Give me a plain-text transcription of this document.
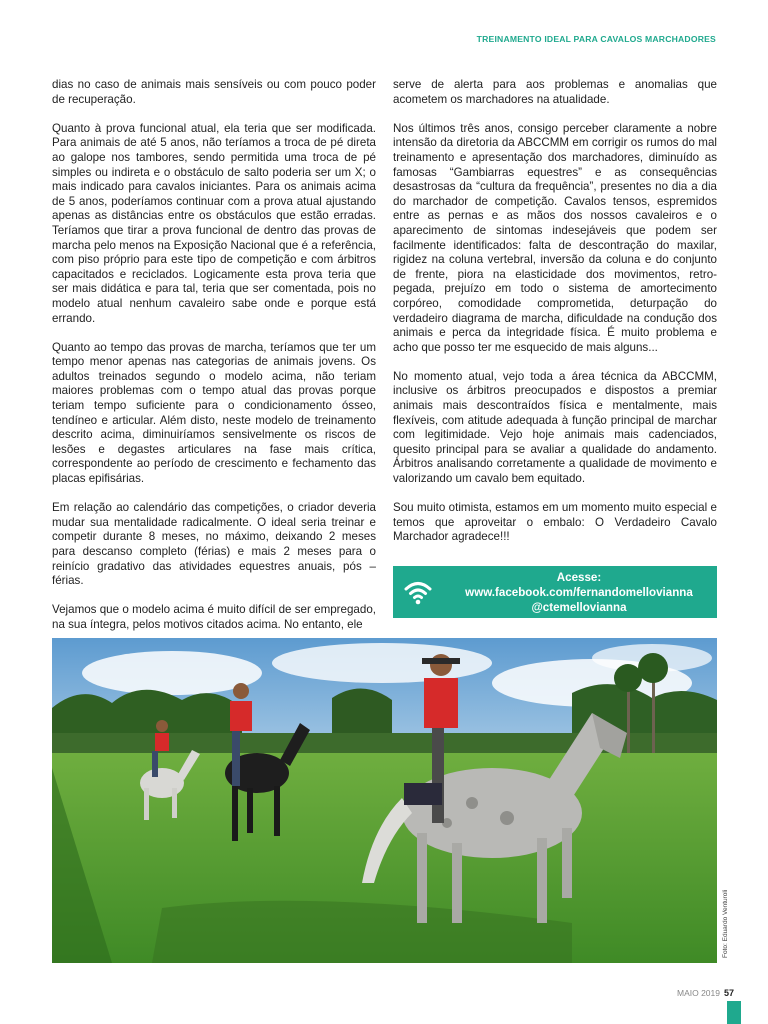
TREINAMENTO IDEAL PARA CAVALOS MARCHADORES

dias no caso de animais mais sensíveis ou com pouco poder de recuperação.

Quanto à prova funcional atual, ela teria que ser modificada. Para animais de até 5 anos, não teríamos a troca de pé direta ao galope nos tambores, sendo permitida uma troca de pé simples ou indireta e o obstáculo de salto poderia ser um X; o mais indicado para cavalos iniciantes. Para os animais acima de 5 anos, poderíamos continuar com a prova atual ajustando apenas as distâncias entre os obstáculos que estão erradas. Teríamos que tirar a prova funcional de dentro das provas de marcha pelo menos na Exposição Nacional que é a referência, com piso próprio para este tipo de competição e com árbitros capacitados e reciclados. Logicamente esta prova teria que ser mais didática e para tal, teria que ser comentada, pois no modelo atual nenhum cavaleiro sabe onde e porque está errando.

Quanto ao tempo das provas de marcha, teríamos que ter um tempo menor apenas nas categorias de animais jovens. Os adultos treinados segundo o modelo acima, não teriam maiores problemas com o tempo atual das provas porque teriam tempo suficiente para o condicionamento ósseo, tendíneo e articular. Além disto, neste modelo de treinamento descrito acima, diminuiríamos sensivelmente os riscos de lesões e degastes articulares na fase mais crítica, correspondente ao período de crescimento e fechamento das placas epifisárias.

Em relação ao calendário das competições, o criador deveria mudar sua mentalidade radicalmente. O ideal seria treinar e competir durante 8 meses, no máximo, deixando 2 meses para descanso completo (férias) e mais 2 meses para o reinício gradativo das atividades equestres anuais, pós – férias.

Vejamos que o modelo acima é muito difícil de ser empregado, na sua íntegra, pelos motivos citados acima. No entanto, ele

serve de alerta para aos problemas e anomalias que acometem os marchadores na atualidade.

Nos últimos três anos, consigo perceber claramente a nobre intensão da diretoria da ABCCMM em corrigir os rumos do mal treinamento e apresentação dos marchadores, diminuído as famosas “Gambiarras equestres” e as consequências desastrosas da “cultura da frequência”, presentes no dia a dia do marchador de competição. Cavalos tensos, espremidos entre as pernas e as mãos dos nossos cavaleiros e o aparecimento de sintomas indesejáveis que podem ser facilmente identificados: falta de descontração do maxilar, rigidez na coluna vertebral, inversão da coluna e do conjunto de frente, piora na elasticidade dos movimentos, retro- pegada, prejuízo em todo o sistema de amortecimento corpóreo, comodidade comprometida, deturpação do verdadeiro diagrama de marcha, dificuldade na condução dos animais e perca da integridade física. É muito problema e acho que posso ter me esquecido de mais alguns...

No momento atual, vejo toda a área técnica da ABCCMM, inclusive os árbitros preocupados e dispostos a premiar animais mais descontraídos física e mentalmente, mais flexíveis, com atitude adequada à função principal de marchar com legitimidade. Vejo hoje animais mais cadenciados, quesito principal para se avaliar a qualidade do andamento. Árbitros analisando corretamente a qualidade de movimento e valorizando um cavalo bem equitado.

Sou muito otimista, estamos em um momento muito especial e temos que aproveitar o embalo: O Verdadeiro Cavalo Marchador agradece!!!

Acesse:
www.facebook.com/fernandomellovianna
@ctemellovianna
Foto: Eduardo Venturoli
MAIO 2019 57
